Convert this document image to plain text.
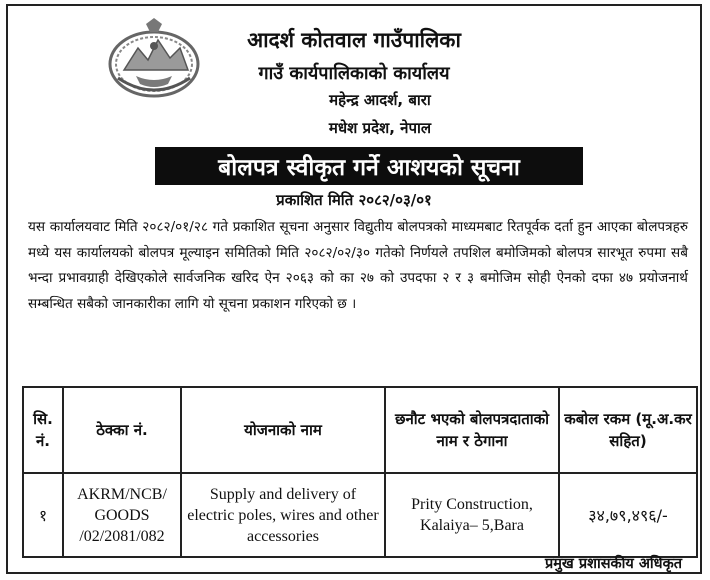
आदर्श कोतवाल गाउँपालिका
गाउँ कार्यपालिकाको कार्यालय
महेन्द्र आदर्श, बारा
मधेश प्रदेश, नेपाल
बोलपत्र स्वीकृत गर्ने आशयको सूचना
प्रकाशित मिति २०८२/०३/०१
यस कार्यालयवाट मिति २०८२/०१/२८ गते प्रकाशित सूचना अनुसार विद्युतीय बोलपत्रको माध्यमबाट रितपूर्वक दर्ता हुन आएका बोलपत्रहरु मध्ये यस कार्यालयको बोलपत्र मूल्याइन समितिको मिति २०८२/०२/३० गतेको निर्णयले तपशिल बमोजिमको बोलपत्र सारभूत रुपमा सबै भन्दा प्रभावग्राही देखिएकोले सार्वजनिक खरिद ऐन २०६३ को का २७ को उपदफा २ र ३ बमोजिम सोही ऐनको दफा ४७ प्रयोजनार्थ सम्बन्धित सबैको जानकारीका लागि यो सूचना प्रकाशन गरिएको छ ।
सि. नं.	ठेक्का नं.	योजनाको नाम	छनौट भएको बोलपत्रदाताको नाम र ठेगाना	कबोल रकम (मू.अ.कर सहित)
१	AKRM/NCB/ GOODS /02/2081/082	Supply and delivery of electric poles, wires and other accessories	Prity Construction, Kalaiya– 5,Bara	३४,७९,४९६/-
प्रमुख प्रशासकीय अधिकृत
